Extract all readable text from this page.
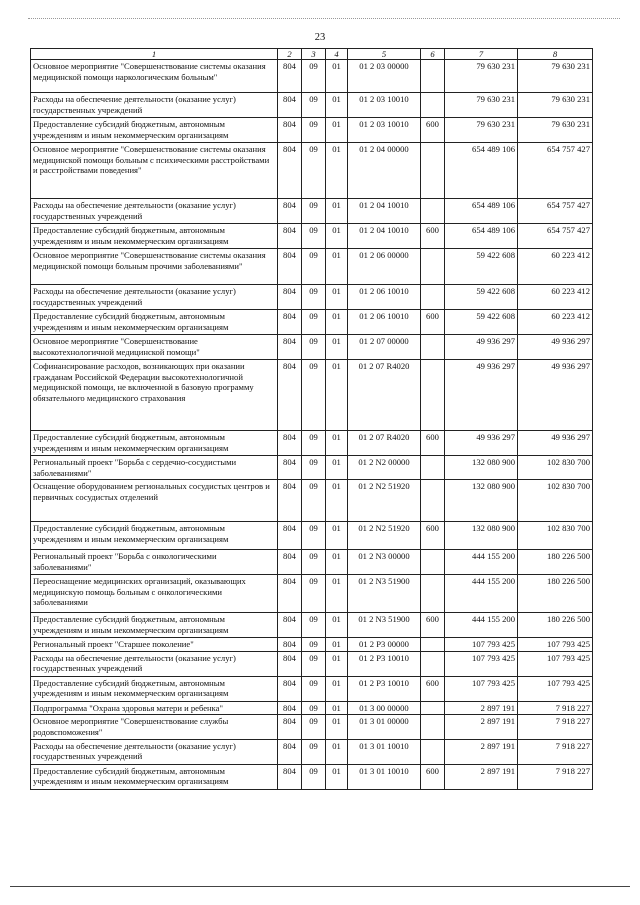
23
1	2	3	4	5	6	7	8
Основное мероприятие "Совершенствование системы оказания медицинской помощи наркологическим больным"	804	09	01	01 2 03 00000		79 630 231	79 630 231
Расходы на обеспечение деятельности (оказание услуг) государственных учреждений	804	09	01	01 2 03 10010		79 630 231	79 630 231
Предоставление субсидий бюджетным, автономным учреждениям и иным некоммерческим организациям	804	09	01	01 2 03 10010	600	79 630 231	79 630 231
Основное мероприятие "Совершенствование системы оказания медицинской помощи больным с психическими расстройствами и расстройствами поведения"	804	09	01	01 2 04 00000		654 489 106	654 757 427
Расходы на обеспечение деятельности (оказание услуг) государственных учреждений	804	09	01	01 2 04 10010		654 489 106	654 757 427
Предоставление субсидий бюджетным, автономным учреждениям и иным некоммерческим организациям	804	09	01	01 2 04 10010	600	654 489 106	654 757 427
Основное мероприятие "Совершенствование системы оказания медицинской помощи больным прочими заболеваниями"	804	09	01	01 2 06 00000		59 422 608	60 223 412
Расходы на обеспечение деятельности (оказание услуг) государственных учреждений	804	09	01	01 2 06 10010		59 422 608	60 223 412
Предоставление субсидий бюджетным, автономным учреждениям и иным некоммерческим организациям	804	09	01	01 2 06 10010	600	59 422 608	60 223 412
Основное мероприятие "Совершенствование высокотехнологичной медицинской помощи"	804	09	01	01 2 07 00000		49 936 297	49 936 297
Софинансирование расходов, возникающих при оказании гражданам Российской Федерации высокотехнологичной медицинской помощи, не включенной в базовую программу обязательного медицинского страхования	804	09	01	01 2 07 R4020		49 936 297	49 936 297
Предоставление субсидий бюджетным, автономным учреждениям и иным некоммерческим организациям	804	09	01	01 2 07 R4020	600	49 936 297	49 936 297
Региональный проект "Борьба с сердечно-сосудистыми заболеваниями"	804	09	01	01 2 N2 00000		132 080 900	102 830 700
Оснащение оборудованием региональных сосудистых центров и первичных сосудистых отделений	804	09	01	01 2 N2 51920		132 080 900	102 830 700
Предоставление субсидий бюджетным, автономным учреждениям и иным некоммерческим организациям	804	09	01	01 2 N2 51920	600	132 080 900	102 830 700
Региональный проект "Борьба с онкологическими заболеваниями"	804	09	01	01 2 N3 00000		444 155 200	180 226 500
Переоснащение медицинских организаций, оказывающих медицинскую помощь больным с онкологическими заболеваниями	804	09	01	01 2 N3 51900		444 155 200	180 226 500
Предоставление субсидий бюджетным, автономным учреждениям и иным некоммерческим организациям	804	09	01	01 2 N3 51900	600	444 155 200	180 226 500
Региональный проект "Старшее поколение"	804	09	01	01 2 P3 00000		107 793 425	107 793 425
Расходы на обеспечение деятельности (оказание услуг) государственных учреждений	804	09	01	01 2 P3 10010		107 793 425	107 793 425
Предоставление субсидий бюджетным, автономным учреждениям и иным некоммерческим организациям	804	09	01	01 2 P3 10010	600	107 793 425	107 793 425
Подпрограмма "Охрана здоровья матери и ребенка"	804	09	01	01 3 00 00000		2 897 191	7 918 227
Основное мероприятие "Совершенствование службы родовспоможения"	804	09	01	01 3 01 00000		2 897 191	7 918 227
Расходы на обеспечение деятельности (оказание услуг) государственных учреждений	804	09	01	01 3 01 10010		2 897 191	7 918 227
Предоставление субсидий бюджетным, автономным учреждениям и иным некоммерческим организациям	804	09	01	01 3 01 10010	600	2 897 191	7 918 227
